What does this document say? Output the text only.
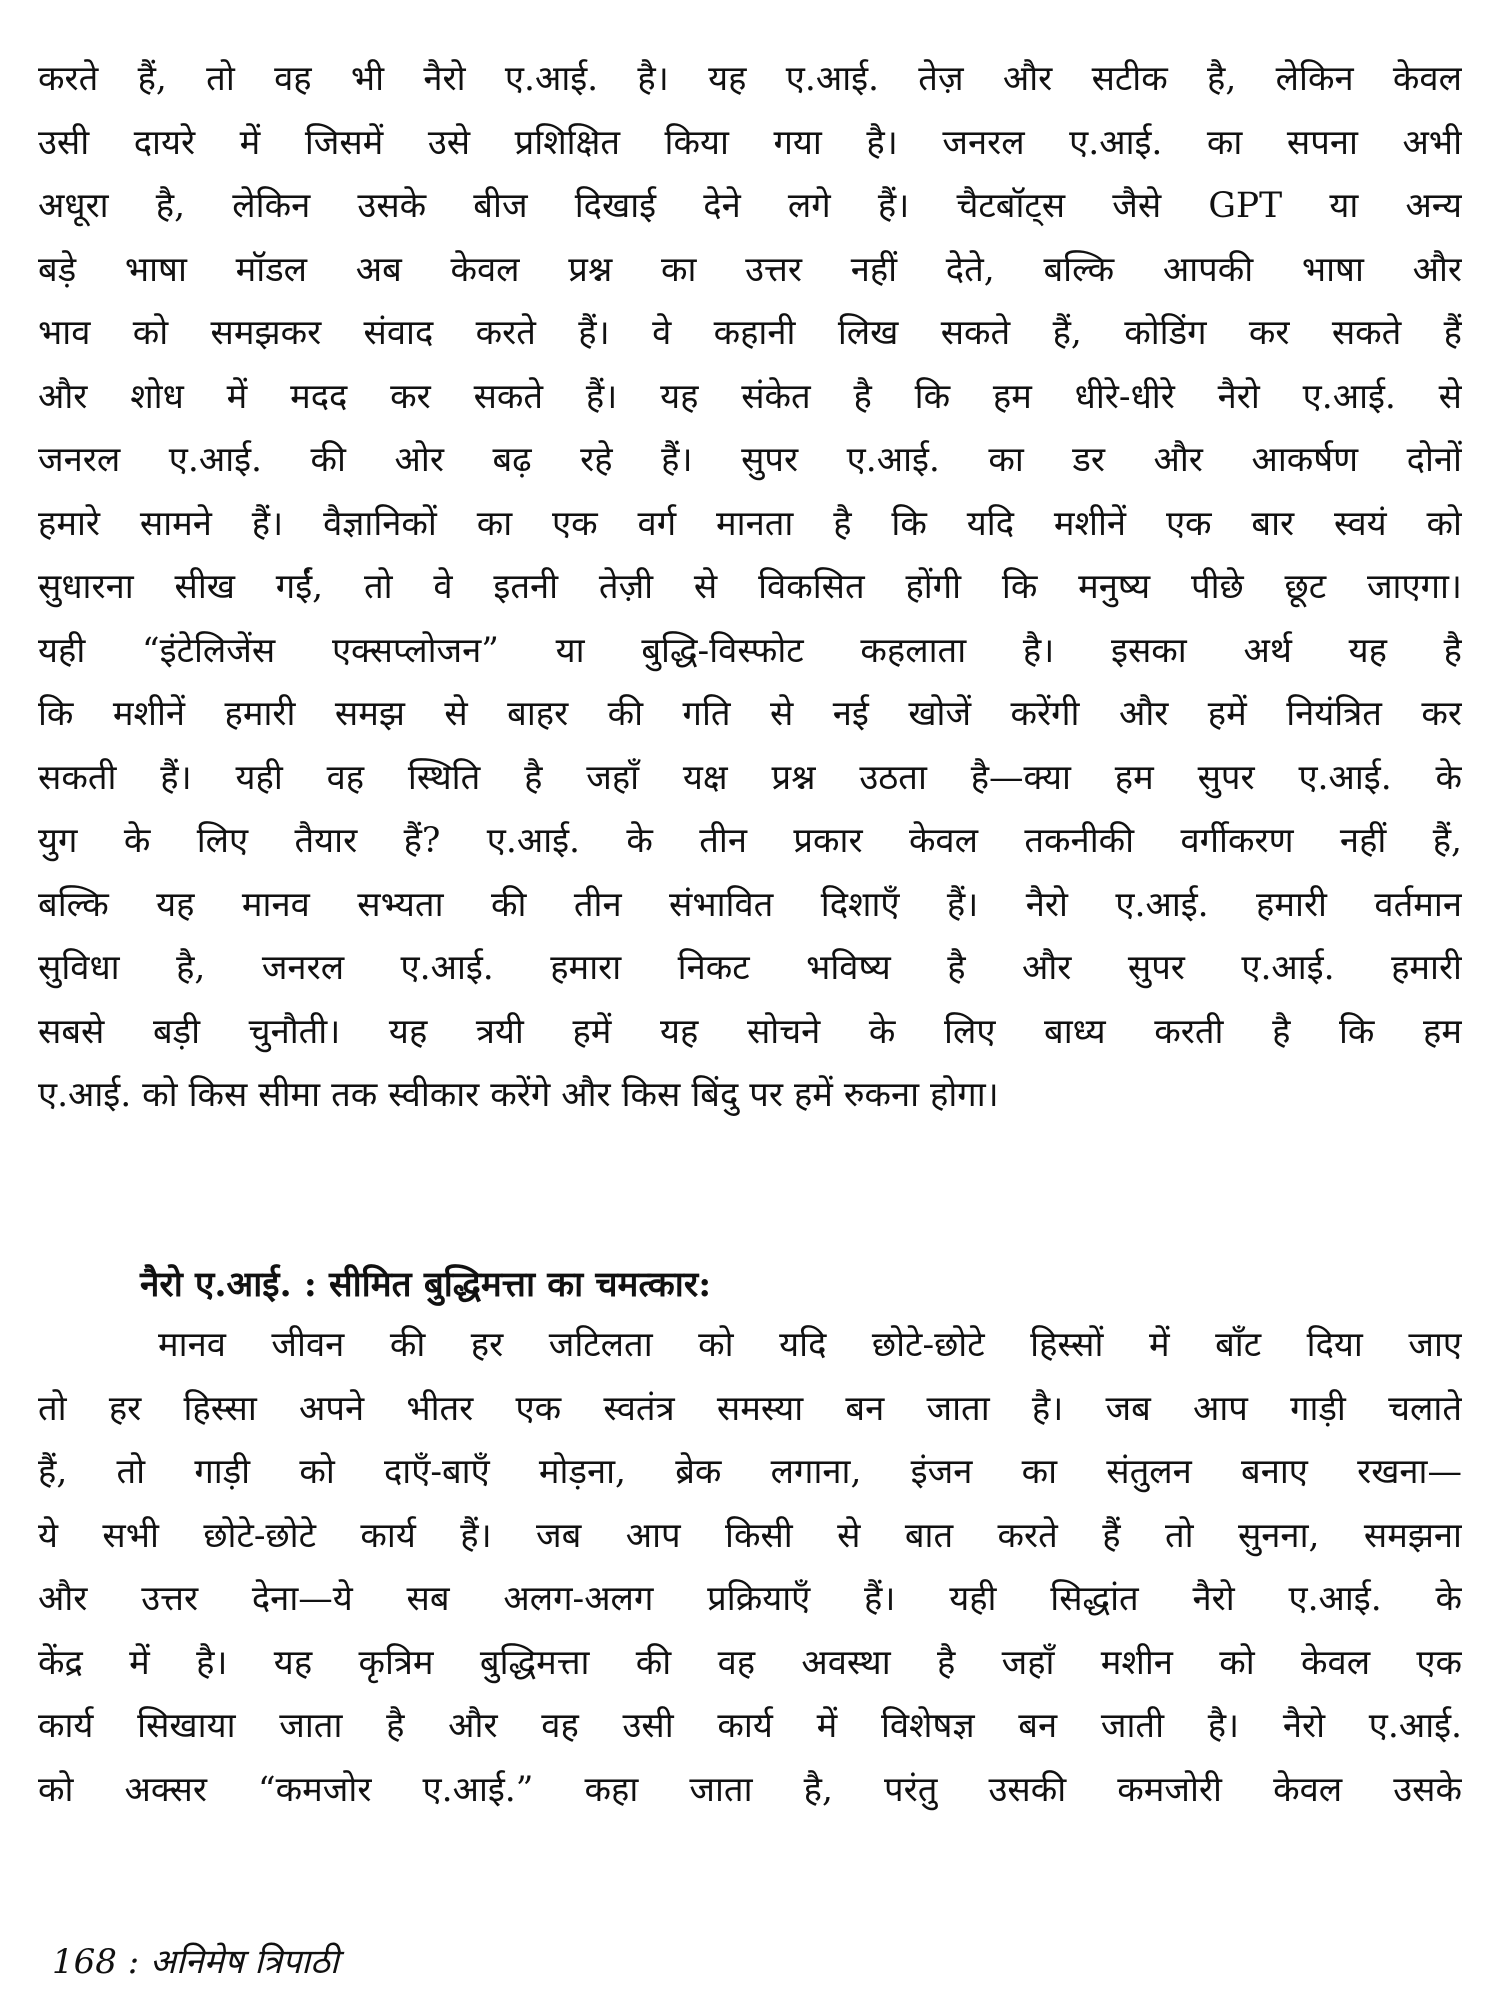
करते हैं, तो वह भी नैरो ए.आई. है। यह ए.आई. तेज़ और सटीक है, लेकिन केवल
उसी दायरे में जिसमें उसे प्रशिक्षित किया गया है। जनरल ए.आई. का सपना अभी
अधूरा है, लेकिन उसके बीज दिखाई देने लगे हैं। चैटबॉट्स जैसे GPT या अन्य
बड़े भाषा मॉडल अब केवल प्रश्न का उत्तर नहीं देते, बल्कि आपकी भाषा और
भाव को समझकर संवाद करते हैं। वे कहानी लिख सकते हैं, कोडिंग कर सकते हैं
और शोध में मदद कर सकते हैं। यह संकेत है कि हम धीरे-धीरे नैरो ए.आई. से
जनरल ए.आई. की ओर बढ़ रहे हैं। सुपर ए.आई. का डर और आकर्षण दोनों
हमारे सामने हैं। वैज्ञानिकों का एक वर्ग मानता है कि यदि मशीनें एक बार स्वयं को
सुधारना सीख गईं, तो वे इतनी तेज़ी से विकसित होंगी कि मनुष्य पीछे छूट जाएगा।
यही “इंटेलिजेंस एक्सप्लोजन” या बुद्धि-विस्फोट कहलाता है। इसका अर्थ यह है
कि मशीनें हमारी समझ से बाहर की गति से नई खोजें करेंगी और हमें नियंत्रित कर
सकती हैं। यही वह स्थिति है जहाँ यक्ष प्रश्न उठता है—क्या हम सुपर ए.आई. के
युग के लिए तैयार हैं? ए.आई. के तीन प्रकार केवल तकनीकी वर्गीकरण नहीं हैं,
बल्कि यह मानव सभ्यता की तीन संभावित दिशाएँ हैं। नैरो ए.आई. हमारी वर्तमान
सुविधा है, जनरल ए.आई. हमारा निकट भविष्य है और सुपर ए.आई. हमारी
सबसे बड़ी चुनौती। यह त्रयी हमें यह सोचने के लिए बाध्य करती है कि हम
ए.आई. को किस सीमा तक स्वीकार करेंगे और किस बिंदु पर हमें रुकना होगा।
नैरो ए.आई. : सीमित बुद्धिमत्ता का चमत्कार:
मानव जीवन की हर जटिलता को यदि छोटे-छोटे हिस्सों में बाँट दिया जाए
तो हर हिस्सा अपने भीतर एक स्वतंत्र समस्या बन जाता है। जब आप गाड़ी चलाते
हैं, तो गाड़ी को दाएँ-बाएँ मोड़ना, ब्रेक लगाना, इंजन का संतुलन बनाए रखना—
ये सभी छोटे-छोटे कार्य हैं। जब आप किसी से बात करते हैं तो सुनना, समझना
और उत्तर देना—ये सब अलग-अलग प्रक्रियाएँ हैं। यही सिद्धांत नैरो ए.आई. के
केंद्र में है। यह कृत्रिम बुद्धिमत्ता की वह अवस्था है जहाँ मशीन को केवल एक
कार्य सिखाया जाता है और वह उसी कार्य में विशेषज्ञ बन जाती है। नैरो ए.आई.
को अक्सर “कमजोर ए.आई.” कहा जाता है, परंतु उसकी कमजोरी केवल उसके
168 : अनिमेष त्रिपाठी
